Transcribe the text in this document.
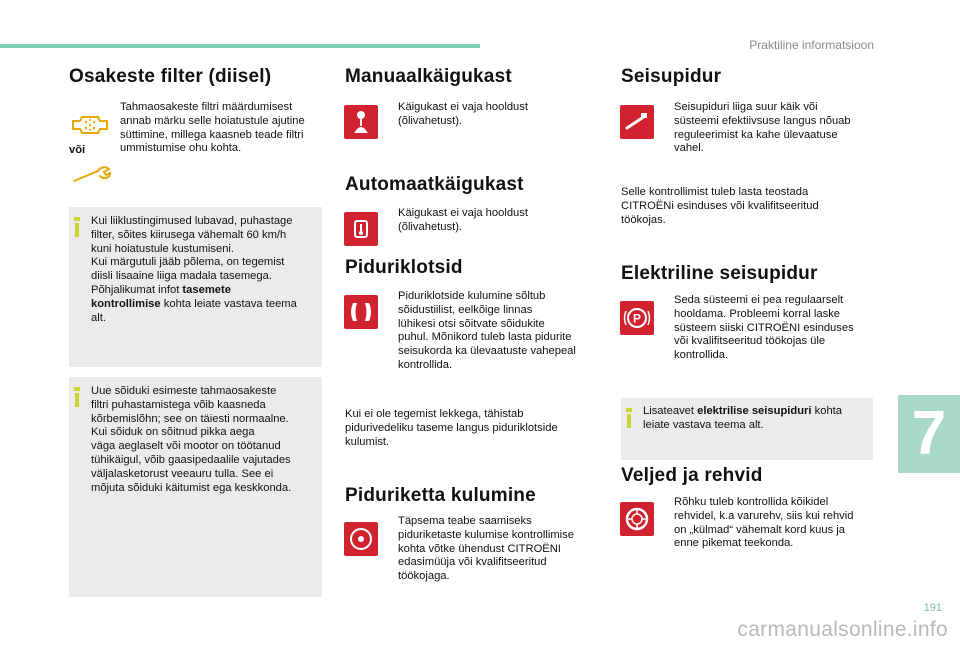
Praktiline informatsioon
Osakeste filter (diisel)
või
Tahmaosakeste filtri määrdumisest annab märku selle hoiatustule ajutine süttimine, millega kaasneb teade filtri ummistumise ohu kohta.
Kui liiklustingimused lubavad, puhastage
filter, sõites kiirusega vähemalt 60 km/h
kuni hoiatustule kustumiseni.
Kui märgutuli jääb põlema, on tegemist
diisli lisaaine liiga madala tasemega.
Põhjalikumat infot tasemete
kontrollimise kohta leiate vastava teema
alt.
Uue sõiduki esimeste tahmaosakeste
filtri puhastamistega võib kaasneda
kõrbemislõhn; see on täiesti normaalne.
Kui sõiduk on sõitnud pikka aega
väga aeglaselt või mootor on töötanud
tühikäigul, võib gaasipedaalile vajutades
väljalasketorust veeauru tulla. See ei
mõjuta sõiduki käitumist ega keskkonda.
Manuaalkäigukast
Käigukast ei vaja hooldust
(õlivahetust).
Automaatkäigukast
Käigukast ei vaja hooldust
(õlivahetust).
Piduriklotsid
Piduriklotside kulumine sõltub
sõidustiilist, eelkõige linnas
lühikesi otsi sõitvate sõidukite
puhul. Mõnikord tuleb lasta pidurite
seisukorda ka ülevaatuste vahepeal
kontrollida.
Kui ei ole tegemist lekkega, tähistab
pidurivedeliku taseme langus piduriklotside
kulumist.
Piduriketta kulumine
Täpsema teabe saamiseks
piduriketaste kulumise kontrollimise
kohta võtke ühendust CITROËNI
edasimüüja või kvalifitseeritud
töökojaga.
Seisupidur
Seisupiduri liiga suur käik või
süsteemi efektiivsuse langus nõuab
reguleerimist ka kahe ülevaatuse
vahel.
Selle kontrollimist tuleb lasta teostada
CITROËNi esinduses või kvalifitseeritud
töökojas.
Elektriline seisupidur
P
Seda süsteemi ei pea regulaarselt
hooldama. Probleemi korral laske
süsteem siiski CITROËNI esinduses
või kvalifitseeritud töökojas üle
kontrollida.
Lisateavet elektrilise seisupiduri kohta
leiate vastava teema alt.
Veljed ja rehvid
Rõhku tuleb kontrollida kõikidel
rehvidel, k.a varurehv, siis kui rehvid
on „külmad“ vähemalt kord kuus ja
enne pikemat teekonda.
7
191
carmanualsonline.info
